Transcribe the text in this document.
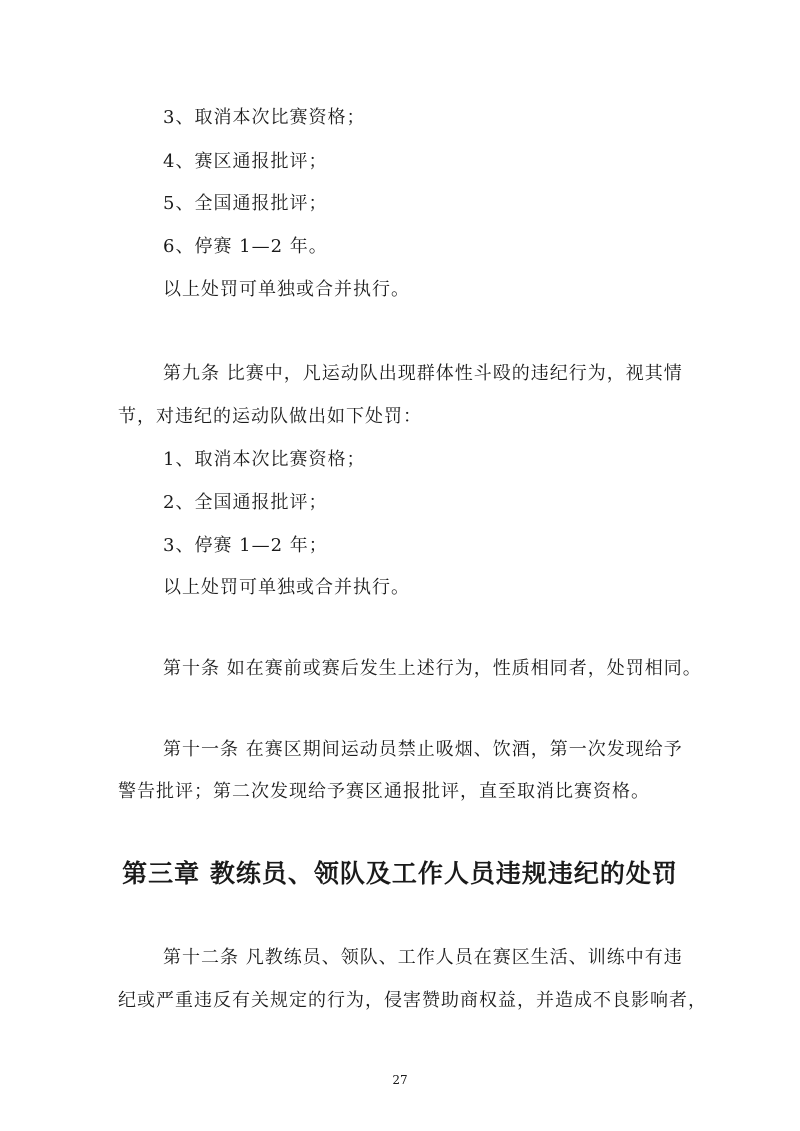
3、取消本次比赛资格；
4、赛区通报批评；
5、全国通报批评；
6、停赛 1—2 年。
以上处罚可单独或合并执行。
第九条 比赛中，凡运动队出现群体性斗殴的违纪行为，视其情
节，对违纪的运动队做出如下处罚：
1、取消本次比赛资格；
2、全国通报批评；
3、停赛 1—2 年；
以上处罚可单独或合并执行。
第十条 如在赛前或赛后发生上述行为，性质相同者，处罚相同。
第十一条 在赛区期间运动员禁止吸烟、饮酒，第一次发现给予
警告批评；第二次发现给予赛区通报批评，直至取消比赛资格。
第三章 教练员、领队及工作人员违规违纪的处罚
第十二条 凡教练员、领队、工作人员在赛区生活、训练中有违
纪或严重违反有关规定的行为，侵害赞助商权益，并造成不良影响者，
27
